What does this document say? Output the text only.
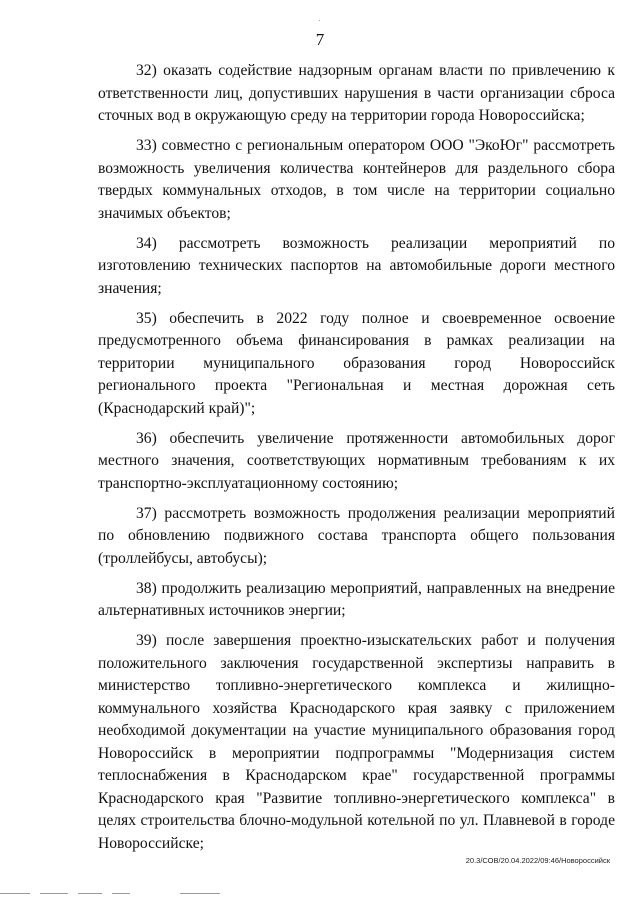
7

32) оказать содействие надзорным органам власти по привлечению к ответственности лиц, допустивших нарушения в части организации сброса сточных вод в окружающую среду на территории города Новороссийска;

33) совместно с региональным оператором ООО "ЭкоЮг" рассмотреть возможность увеличения количества контейнеров для раздельного сбора твердых коммунальных отходов, в том числе на территории социально значимых объектов;

34) рассмотреть возможность реализации мероприятий по изготовлению технических паспортов на автомобильные дороги местного значения;

35) обеспечить в 2022 году полное и своевременное освоение предусмотренного объема финансирования в рамках реализации на территории муниципального образования город Новороссийск регионального проекта "Региональная и местная дорожная сеть (Краснодарский край)";

36) обеспечить увеличение протяженности автомобильных дорог местного значения, соответствующих нормативным требованиям к их транспортно-эксплуатационному состоянию;

37) рассмотреть возможность продолжения реализации мероприятий по обновлению подвижного состава транспорта общего пользования (троллейбусы, автобусы);

38) продолжить реализацию мероприятий, направленных на внедрение альтернативных источников энергии;

39) после завершения проектно-изыскательских работ и получения положительного заключения государственной экспертизы направить в министерство топливно-энергетического комплекса и жилищно-коммунального хозяйства Краснодарского края заявку с приложением необходимой документации на участие муниципального образования город Новороссийск в мероприятии подпрограммы "Модернизация систем теплоснабжения в Краснодарском крае" государственной программы Краснодарского края "Развитие топливно-энергетического комплекса" в целях строительства блочно-модульной котельной по ул. Плавневой в городе Новороссийске;

20.3/СОВ/20.04.2022/09:46/Новороссийск
